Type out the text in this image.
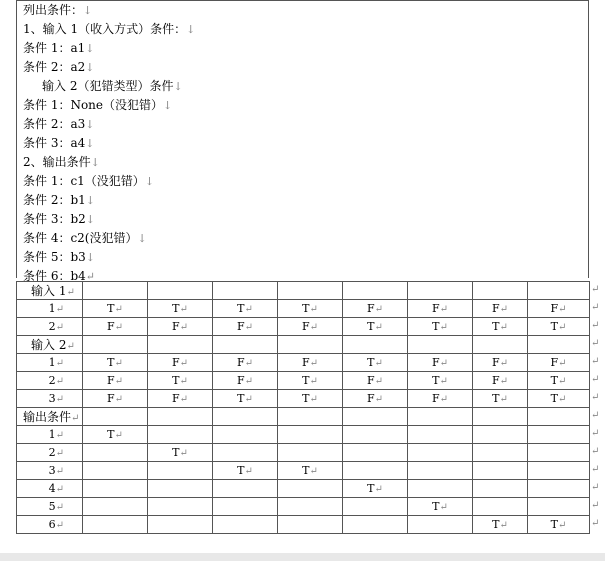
列出条件：↓
1、输入 1（收入方式）条件：↓
条件 1：a1↓
条件 2：a2↓
输入 2（犯错类型）条件↓
条件 1：None（没犯错）↓
条件 2：a3↓
条件 3：a4↓
2、输出条件↓
条件 1：c1（没犯错）↓
条件 2：b1↓
条件 3：b2↓
条件 4：c2(没犯错）↓
条件 5：b3↓
条件 6：b4↵
输入 1↵								
1↵	T↵	T↵	T↵	T↵	F↵	F↵	F↵	F↵
2↵	F↵	F↵	F↵	F↵	T↵	T↵	T↵	T↵
输入 2↵								
1↵	T↵	F↵	F↵	F↵	T↵	F↵	F↵	F↵
2↵	F↵	T↵	F↵	T↵	F↵	T↵	F↵	T↵
3↵	F↵	F↵	T↵	T↵	F↵	F↵	T↵	T↵
输出条件↵								
1↵	T↵							
2↵		T↵						
3↵			T↵	T↵				
4↵					T↵			
5↵						T↵		
6↵							T↵	T↵
↵
↵
↵
↵
↵
↵
↵
↵
↵
↵
↵
↵
↵
↵
